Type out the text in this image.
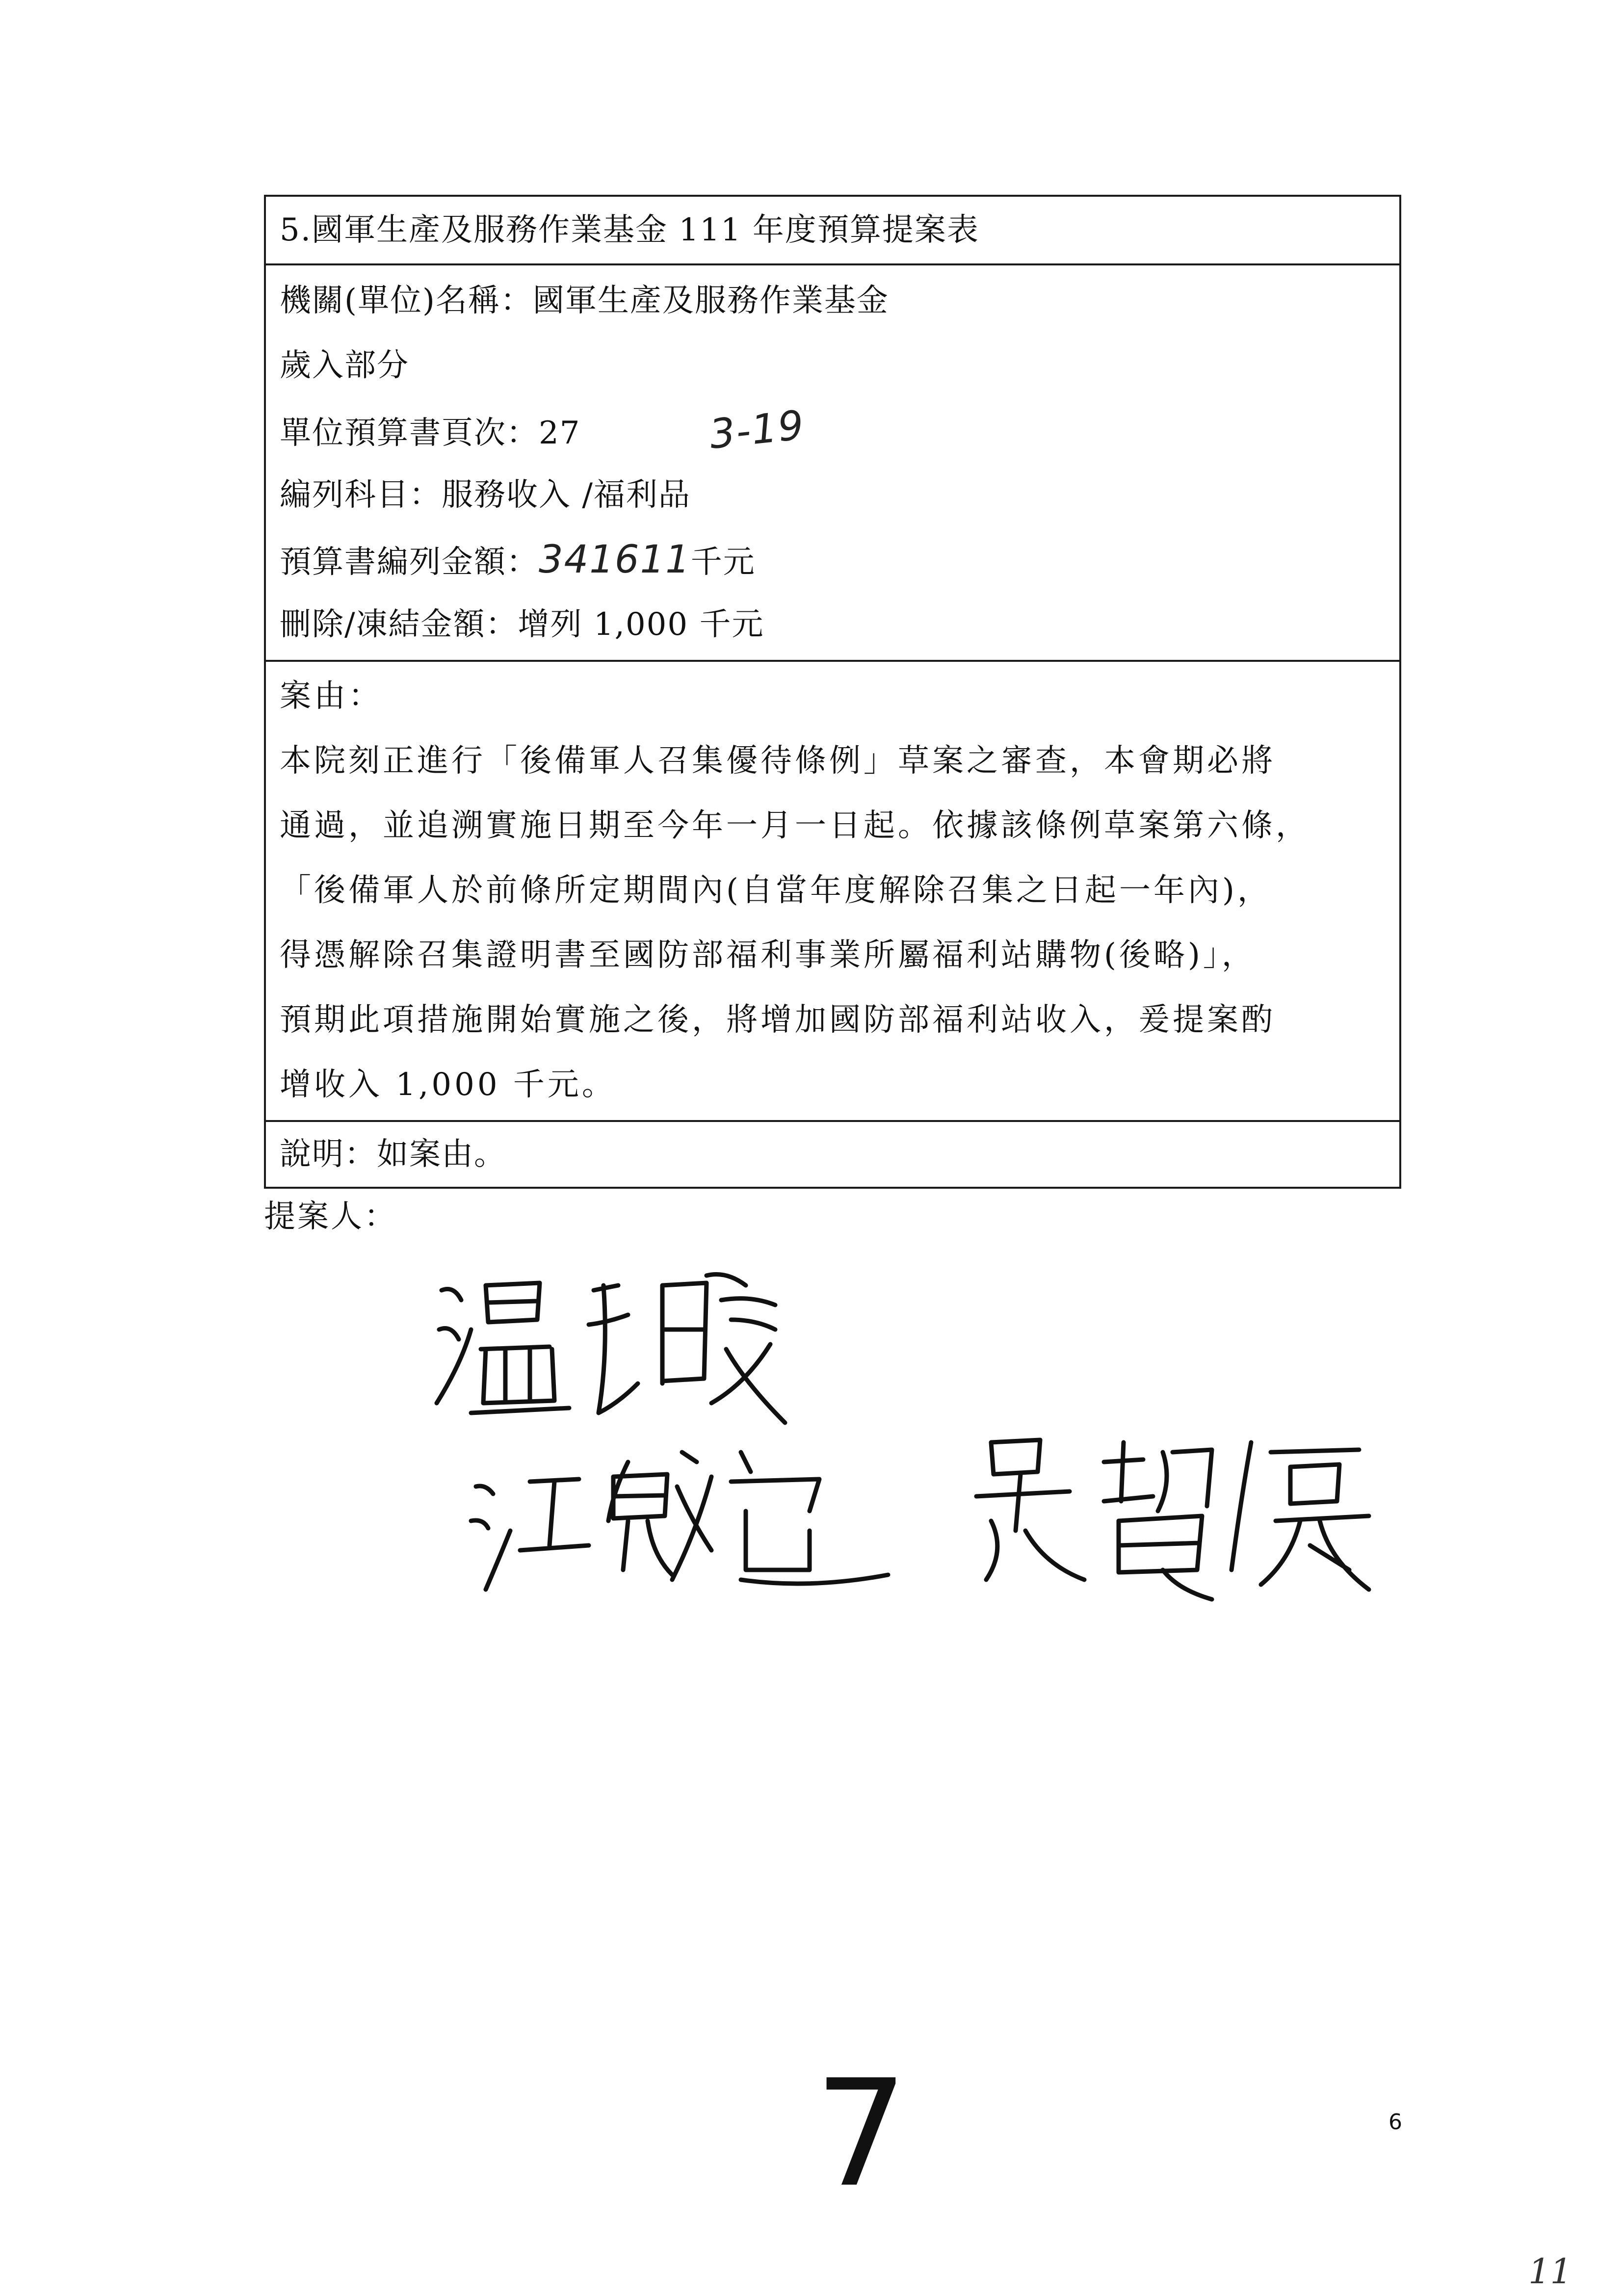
5.國軍生產及服務作業基金 111 年度預算提案表
機關(單位)名稱：國軍生產及服務作業基金
歲入部分
單位預算書頁次：27	3-19
編列科目：服務收入 /福利品
預算書編列金額：341611千元
刪除/凍結金額：增列 1,000 千元
案由：
本院刻正進行「後備軍人召集優待條例」草案之審查，本會期必將
通過，並追溯實施日期至今年一月一日起。依據該條例草案第六條，
「後備軍人於前條所定期間內(自當年度解除召集之日起一年內)，
得憑解除召集證明書至國防部福利事業所屬福利站購物(後略)」，
預期此項措施開始實施之後，將增加國防部福利站收入，爰提案酌
增收入 1,000 千元。
說明：如案由。
提案人：
6
7
11
